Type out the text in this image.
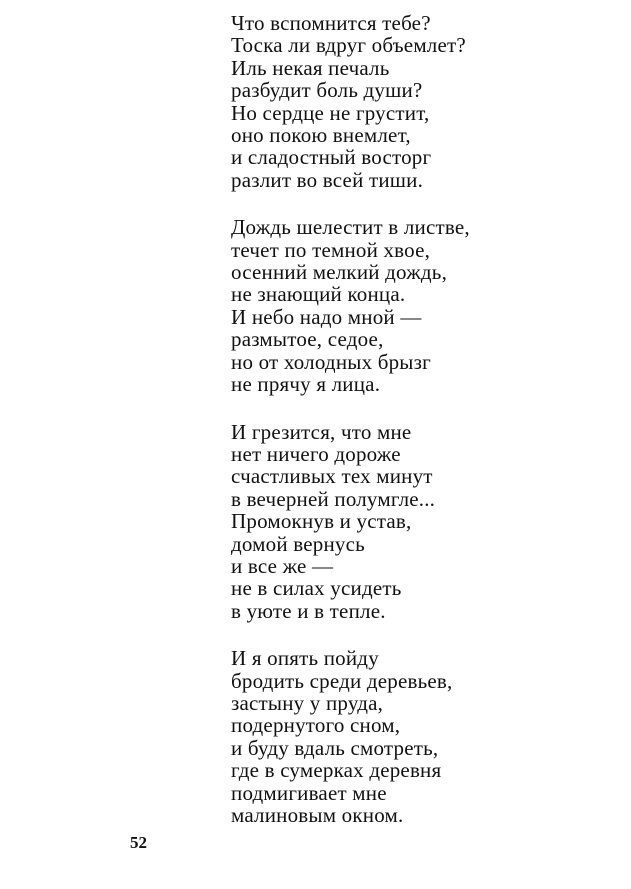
Что вспомнится тебе?
Тоска ли вдруг объемлет?
Иль некая печаль
разбудит боль души?
Но сердце не грустит,
оно покою внемлет,
и сладостный восторг
разлит во всей тиши.
Дождь шелестит в листве,
течет по темной хвое,
осенний мелкий дождь,
не знающий конца.
И небо надо мной —
размытое, седое,
но от холодных брызг
не прячу я лица.
И грезится, что мне
нет ничего дороже
счастливых тех минут
в вечерней полумгле...
Промокнув и устав,
домой вернусь
и все же —
не в силах усидеть
в уюте и в тепле.
И я опять пойду
бродить среди деревьев,
застыну у пруда,
подернутого сном,
и буду вдаль смотреть,
где в сумерках деревня
подмигивает мне
малиновым окном.
52
